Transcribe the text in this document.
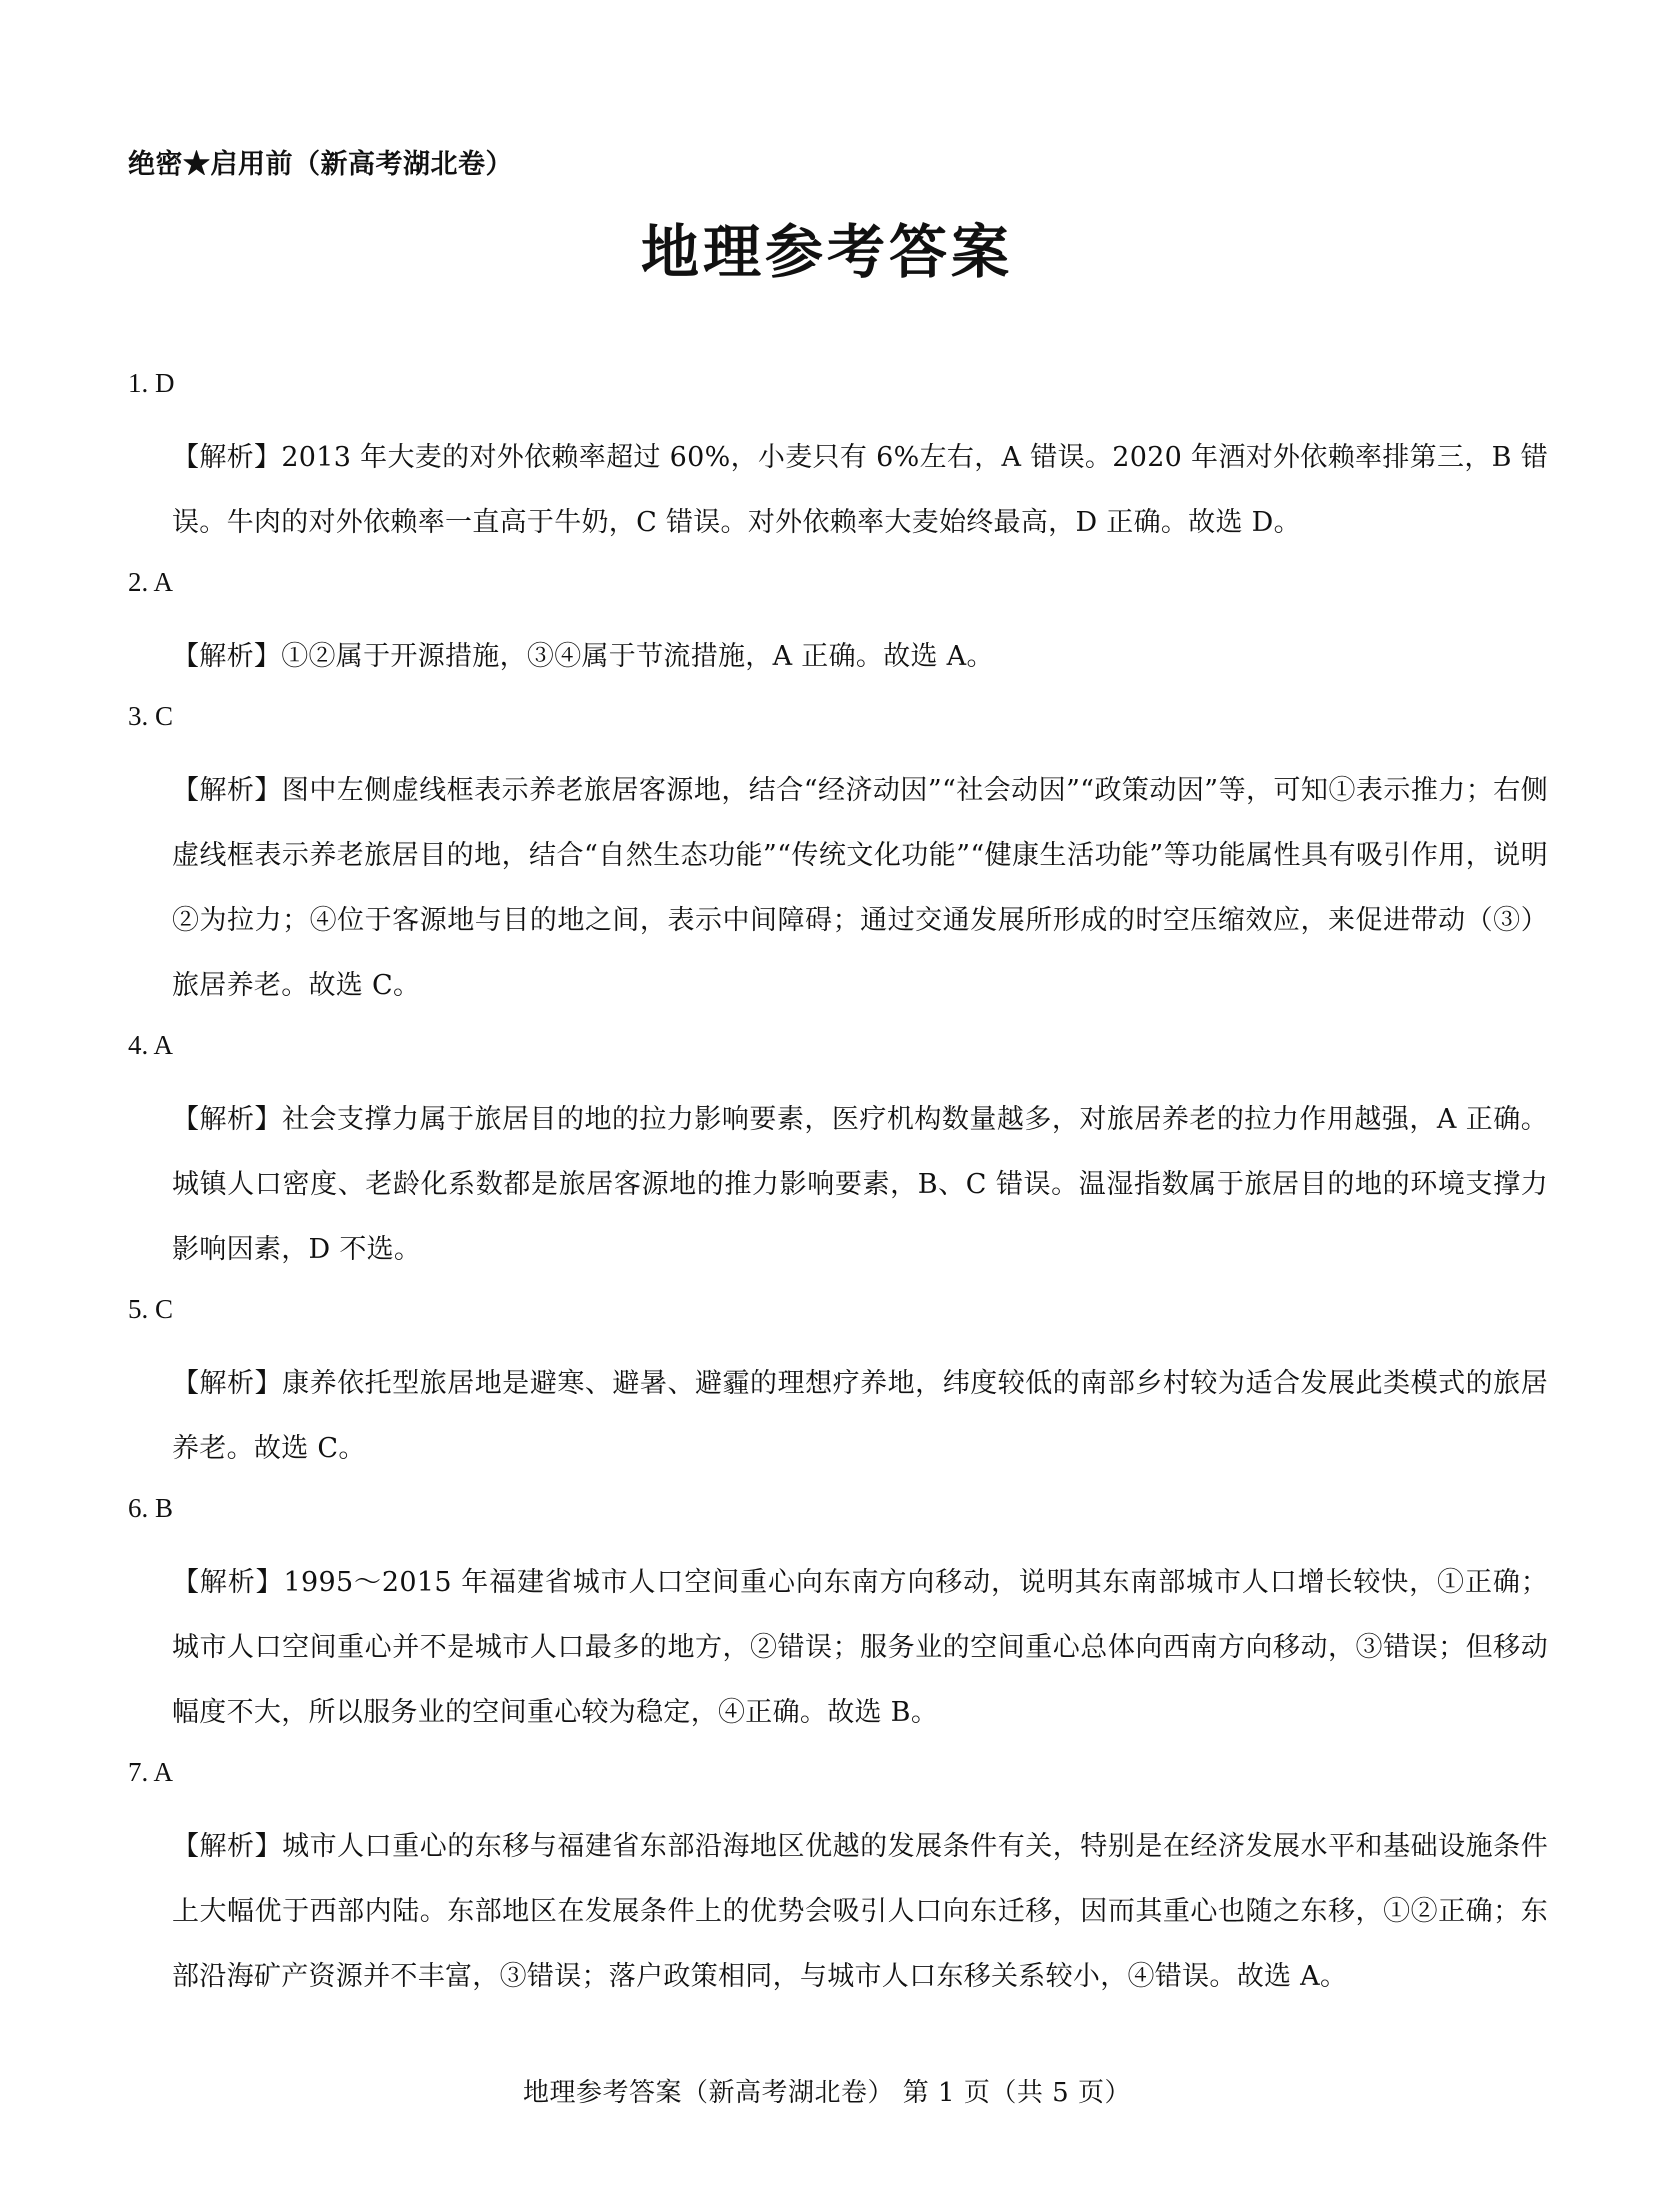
绝密★启用前（新高考湖北卷）
地理参考答案
1. D
【解析】2013 年大麦的对外依赖率超过 60%，小麦只有 6%左右，A 错误。2020 年酒对外依赖率排第三，B 错误。牛肉的对外依赖率一直高于牛奶，C 错误。对外依赖率大麦始终最高，D 正确。故选 D。
2. A
【解析】①②属于开源措施，③④属于节流措施，A 正确。故选 A。
3. C
【解析】图中左侧虚线框表示养老旅居客源地，结合“经济动因”“社会动因”“政策动因”等，可知①表示推力；右侧虚线框表示养老旅居目的地，结合“自然生态功能”“传统文化功能”“健康生活功能”等功能属性具有吸引作用，说明②为拉力；④位于客源地与目的地之间，表示中间障碍；通过交通发展所形成的时空压缩效应，来促进带动（③）旅居养老。故选 C。
4. A
【解析】社会支撑力属于旅居目的地的拉力影响要素，医疗机构数量越多，对旅居养老的拉力作用越强，A 正确。城镇人口密度、老龄化系数都是旅居客源地的推力影响要素，B、C 错误。温湿指数属于旅居目的地的环境支撑力影响因素，D 不选。
5. C
【解析】康养依托型旅居地是避寒、避暑、避霾的理想疗养地，纬度较低的南部乡村较为适合发展此类模式的旅居养老。故选 C。
6. B
【解析】1995～2015 年福建省城市人口空间重心向东南方向移动，说明其东南部城市人口增长较快，①正确；城市人口空间重心并不是城市人口最多的地方，②错误；服务业的空间重心总体向西南方向移动，③错误；但移动幅度不大，所以服务业的空间重心较为稳定，④正确。故选 B。
7. A
【解析】城市人口重心的东移与福建省东部沿海地区优越的发展条件有关，特别是在经济发展水平和基础设施条件上大幅优于西部内陆。东部地区在发展条件上的优势会吸引人口向东迁移，因而其重心也随之东移，①②正确；东部沿海矿产资源并不丰富，③错误；落户政策相同，与城市人口东移关系较小，④错误。故选 A。
地理参考答案（新高考湖北卷） 第 1 页（共 5 页）
